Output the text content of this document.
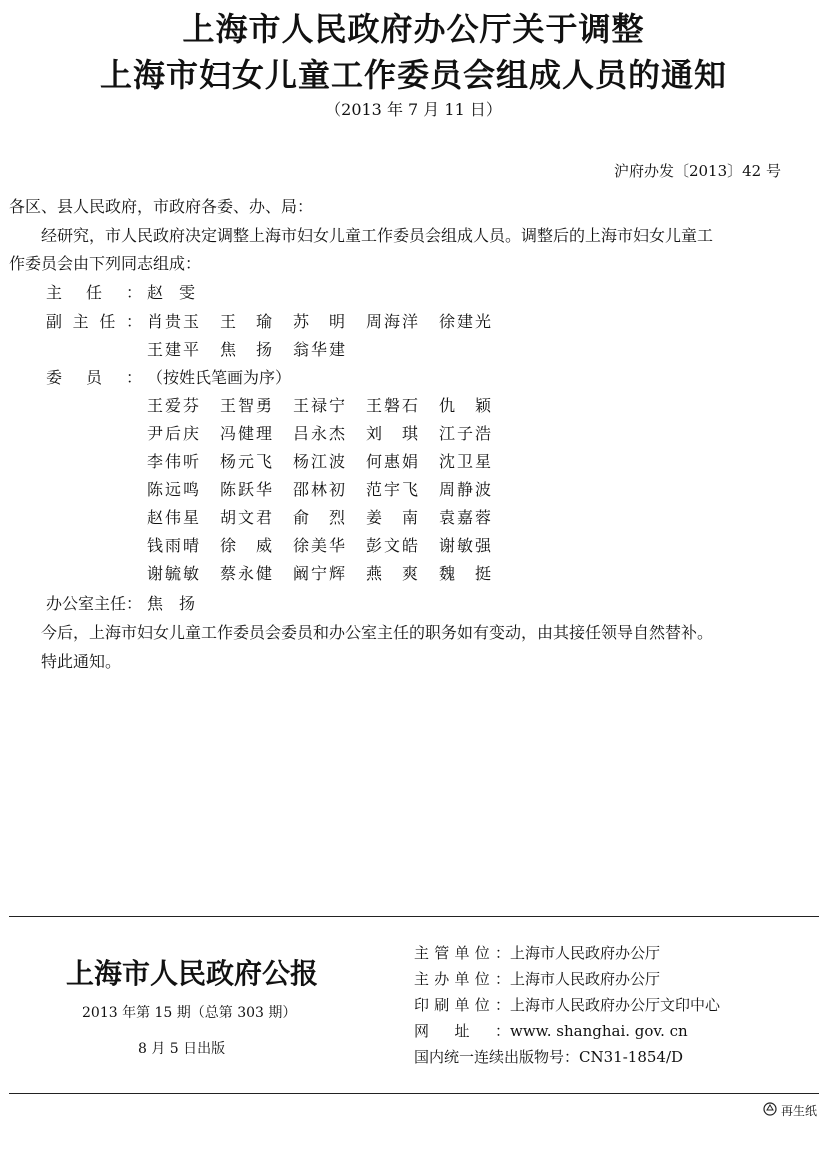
上海市人民政府办公厅关于调整
上海市妇女儿童工作委员会组成人员的通知
（2013 年 7 月 11 日）
沪府办发〔2013〕42 号
各区、县人民政府，市政府各委、办、局：
　　经研究，市人民政府决定调整上海市妇女儿童工作委员会组成人员。调整后的上海市妇女儿童工
作委员会由下列同志组成：
主任： 赵　雯
副主任： 肖贵玉 王　瑜 苏　明 周海洋 徐建光
王建平 焦　扬 翁华建
委员： （按姓氏笔画为序）
王爱芬 王智勇 王禄宁 王磐石 仇　颖
尹后庆 冯健理 吕永杰 刘　琪 江子浩
李伟听 杨元飞 杨江波 何惠娟 沈卫星
陈远鸣 陈跃华 邵林初 范宇飞 周静波
赵伟星 胡文君 俞　烈 姜　南 袁嘉蓉
钱雨晴 徐　威 徐美华 彭文皓 谢敏强
谢毓敏 蔡永健 阚宁辉 燕　爽 魏　挺
办公室主任： 焦　扬
　　今后，上海市妇女儿童工作委员会委员和办公室主任的职务如有变动，由其接任领导自然替补。
　　特此通知。
上海市人民政府公报
2013 年第 15 期（总第 303 期）
8 月 5 日出版
主管单位：上海市人民政府办公厅
主办单位：上海市人民政府办公厅
印刷单位：上海市人民政府办公厅文印中心
网址：www. shanghai. gov. cn
国内统一连续出版物号：CN31-1854/D
再生纸
